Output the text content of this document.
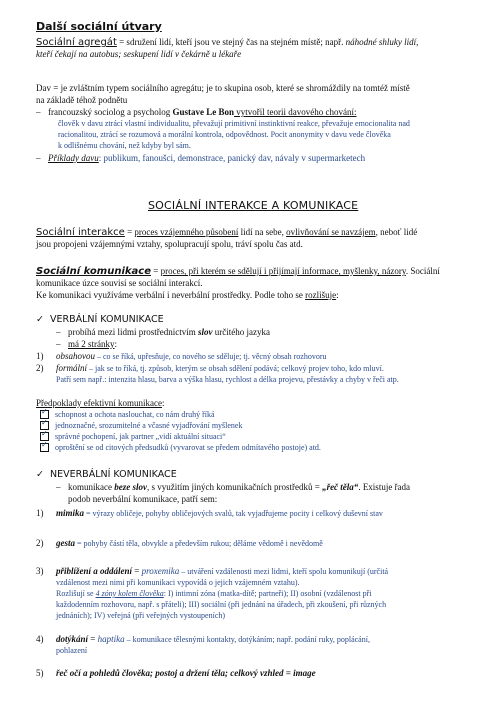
Další sociální útvary
Sociální agregát = sdružení lidí, kteří jsou ve stejný čas na stejném místě; např. náhodné shluky lidí,
kteří čekají na autobus; seskupení lidí v čekárně u lékaře
Dav = je zvláštním typem sociálního agregátu; je to skupina osob, které se shromáždily na tomtéž místě
na základě téhož podnětu
– francouzský sociolog a psycholog Gustave Le Bon vytvořil teorii davového chování:
člověk v davu ztrácí vlastní individualitu, převažují primitivní instinktivní reakce, převažuje emocionalita nad
racionalitou, ztrácí se rozumová a morální kontrola, odpovědnost. Pocit anonymity v davu vede člověka
k odlišnému chování, než kdyby byl sám.
– Příklady davu: publikum, fanoušci, demonstrace, panický dav, návaly v supermarketech
SOCIÁLNÍ INTERAKCE A KOMUNIKACE
Sociální interakce = proces vzájemného působení lidí na sebe, ovlivňování se navzájem, neboť lidé
jsou propojeni vzájemnými vztahy, spolupracují spolu, tráví spolu čas atd.
Sociální komunikace = proces, při kterém se sdělují i přijímají informace, myšlenky, názory. Sociální
komunikace úzce souvisí se sociální interakcí.
Ke komunikaci využíváme verbální i neverbální prostředky. Podle toho se rozlišuje:
✓ VERBÁLNÍ KOMUNIKACE
– probíhá mezi lidmi prostřednictvím slov určitého jazyka
– má 2 stránky:
1) obsahovou – co se říká, upřesňuje, co nového se sděluje; tj. věcný obsah rozhovoru
2) formální – jak se to říká, tj. způsob, kterým se obsah sdělení podává; celkový projev toho, kdo mluví.
Patří sem např.: intenzita hlasu, barva a výška hlasu, rychlost a délka projevu, přestávky a chyby v řeči atp.
Předpoklady efektivní komunikace:
✓schopnost a ochota naslouchat, co nám druhý říká
✓jednoznačné, srozumitelné a včasné vyjadřování myšlenek
✓správné pochopení, jak partner „vidí aktuální situaci“
✓oproštění se od citových předsudků (vyvarovat se předem odmítavého postoje) atd.
✓ NEVERBÁLNÍ KOMUNIKACE
– komunikace beze slov, s využitím jiných komunikačních prostředků = „řeč těla“. Existuje řada
podob neverbální komunikace, patří sem:
1) mimika = výrazy obličeje, pohyby obličejových svalů, tak vyjadřujeme pocity i celkový duševní stav
2) gesta = pohyby částí těla, obvykle a především rukou; děláme vědomě i nevědomě
3) přiblížení a oddálení = proxemika – utváření vzdálenosti mezi lidmi, kteří spolu komunikují (určitá
vzdálenost mezi nimi při komunikaci vypovídá o jejich vzájemném vztahu).
Rozlišují se 4 zóny kolem člověka: I) intimní zóna (matka-dítě; partneři); II) osobní (vzdálenost při
každodenním rozhovoru, např. s přáteli); III) sociální (při jednání na úřadech, při zkoušení, při různých
jednáních); IV) veřejná (při veřejných vystoupeních)
4) dotýkání = haptika – komunikace tělesnými kontakty, dotýkáním; např. podání ruky, poplácání,
pohlazení
5) řeč očí a pohledů člověka; postoj a držení těla; celkový vzhled = image
